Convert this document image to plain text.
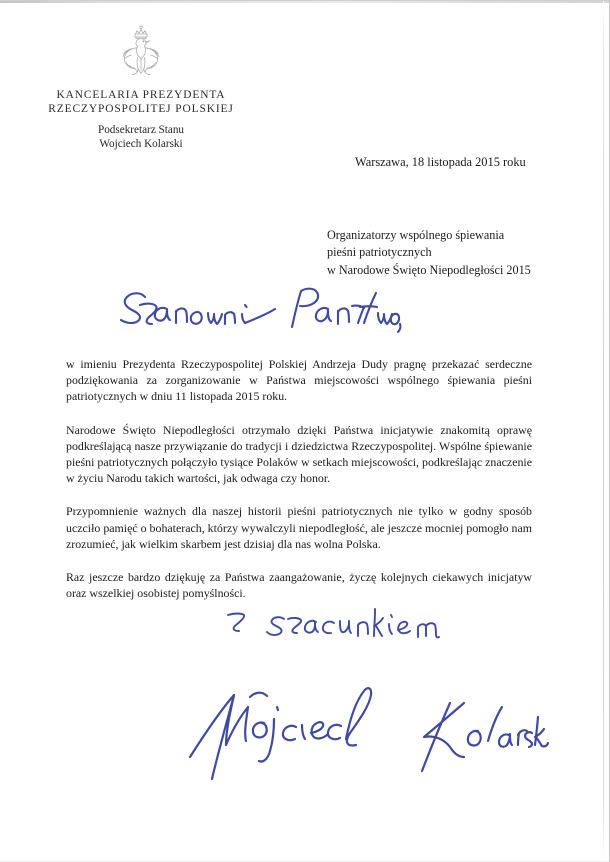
KANCELARIA PREZYDENTA
RZECZYPOSPOLITEJ POLSKIEJ
Podsekretarz Stanu
Wojciech Kolarski
Warszawa, 18 listopada 2015 roku
Organizatorzy wspólnego śpiewania
pieśni patriotycznych
w Narodowe Święto Niepodległości 2015

w imieniu Prezydenta Rzeczypospolitej Polskiej Andrzeja Dudy pragnę przekazać serdeczne podziękowania za zorganizowanie w Państwa miejscowości wspólnego śpiewania pieśni patriotycznych w dniu 11 listopada 2015 roku.

Narodowe Święto Niepodległości otrzymało dzięki Państwa inicjatywie znakomitą oprawę podkreślającą nasze przywiązanie do tradycji i dziedzictwa Rzeczypospolitej. Wspólne śpiewanie pieśni patriotycznych połączyło tysiące Polaków w setkach miejscowości, podkreślając znaczenie w życiu Narodu takich wartości, jak odwaga czy honor.

Przypomnienie ważnych dla naszej historii pieśni patriotycznych nie tylko w godny sposób uczciło pamięć o bohaterach, którzy wywalczyli niepodległość, ale jeszcze mocniej pomogło nam zrozumieć, jak wielkim skarbem jest dzisiaj dla nas wolna Polska.

Raz jeszcze bardzo dziękuję za Państwa zaangażowanie, życzę kolejnych ciekawych inicjatyw oraz wszelkiej osobistej pomyślności.
